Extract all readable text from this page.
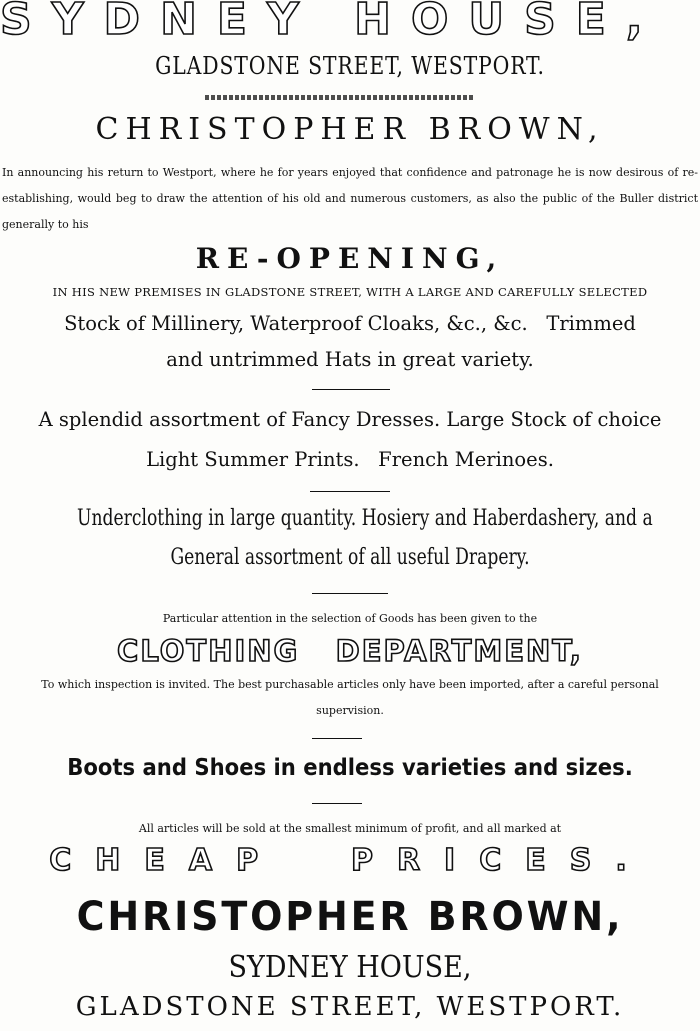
SYDNEY HOUSE,
GLADSTONE STREET, WESTPORT.
CHRISTOPHER BROWN,
In announcing his return to Westport, where he for years enjoyed that confidence and patronage he is now desirous of re-establishing, would beg to draw the attention of his old and numerous customers, as also the public of the Buller district generally to his
RE-OPENING,
IN HIS NEW PREMISES IN GLADSTONE STREET, WITH A LARGE AND CAREFULLY SELECTED
Stock of Millinery, Waterproof Cloaks, &c., &c.   Trimmed
and untrimmed Hats in great variety.
A splendid assortment of Fancy Dresses. Large Stock of choice
Light Summer Prints.   French Merinoes.
Underclothing in large quantity. Hosiery and Haberdashery, and a
General assortment of all useful Drapery.
Particular attention in the selection of Goods has been given to the
CLOTHING   DEPARTMENT,
To which inspection is invited. The best purchasable articles only have been imported, after a careful personal
supervision.
Boots and Shoes in endless varieties and sizes.
All articles will be sold at the smallest minimum of profit, and all marked at
CHEAP  PRICES.
CHRISTOPHER BROWN,
SYDNEY HOUSE,
GLADSTONE STREET, WESTPORT.
